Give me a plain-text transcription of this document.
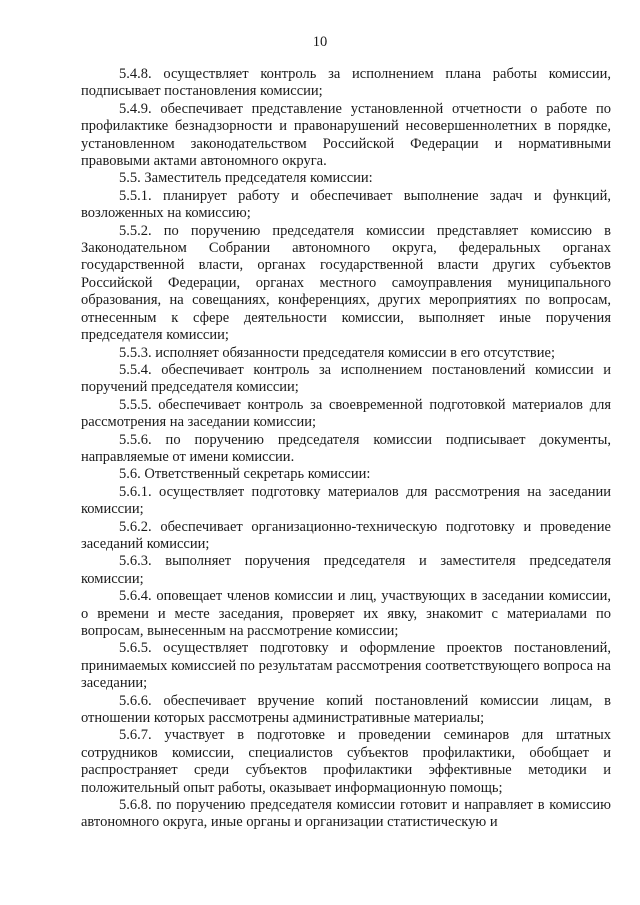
10

5.4.8. осуществляет контроль за исполнением плана работы комиссии, подписывает постановления комиссии;

5.4.9. обеспечивает представление установленной отчетности о работе по профилактике безнадзорности и правонарушений несовершеннолетних в порядке, установленном законодательством Российской Федерации и нормативными правовыми актами автономного округа.

5.5. Заместитель председателя комиссии:

5.5.1. планирует работу и обеспечивает выполнение задач и функций, возложенных на комиссию;

5.5.2. по поручению председателя комиссии представляет комиссию в Законодательном Собрании автономного округа, федеральных органах государственной власти, органах государственной власти других субъектов Российской Федерации, органах местного самоуправления муниципального образования, на совещаниях, конференциях, других мероприятиях по вопросам, отнесенным к сфере деятельности комиссии, выполняет иные поручения председателя комиссии;

5.5.3. исполняет обязанности председателя комиссии в его отсутствие;

5.5.4. обеспечивает контроль за исполнением постановлений комиссии и поручений председателя комиссии;

5.5.5. обеспечивает контроль за своевременной подготовкой материалов для рассмотрения на заседании комиссии;

5.5.6. по поручению председателя комиссии подписывает документы, направляемые от имени комиссии.

5.6. Ответственный секретарь комиссии:

5.6.1. осуществляет подготовку материалов для рассмотрения на заседании комиссии;

5.6.2. обеспечивает организационно-техническую подготовку и проведение заседаний комиссии;

5.6.3. выполняет поручения председателя и заместителя председателя комиссии;

5.6.4. оповещает членов комиссии и лиц, участвующих в заседании комиссии, о времени и месте заседания, проверяет их явку, знакомит с материалами по вопросам, вынесенным на рассмотрение комиссии;

5.6.5. осуществляет подготовку и оформление проектов постановлений, принимаемых комиссией по результатам рассмотрения соответствующего вопроса на заседании;

5.6.6. обеспечивает вручение копий постановлений комиссии лицам, в отношении которых рассмотрены административные материалы;

5.6.7. участвует в подготовке и проведении семинаров для штатных сотрудников комиссии, специалистов субъектов профилактики, обобщает и распространяет среди субъектов профилактики эффективные методики и положительный опыт работы, оказывает информационную помощь;

5.6.8. по поручению председателя комиссии готовит и направляет в комиссию автономного округа, иные органы и организации статистическую и
